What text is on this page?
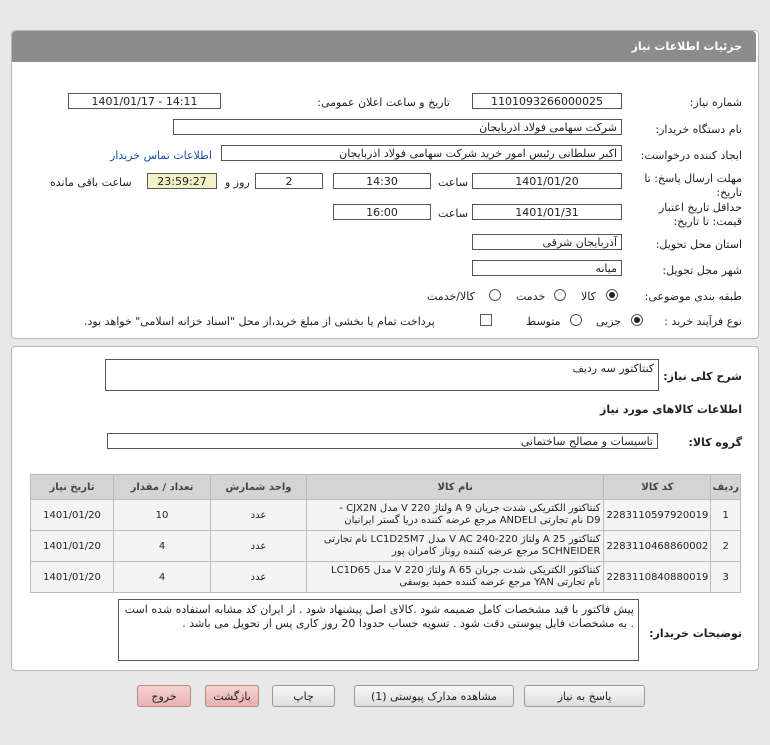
جزئیات اطلاعات نیاز
شماره نیاز:
1101093266000025
تاریخ و ساعت اعلان عمومی:
1401/01/17 - 14:11
نام دستگاه خریدار:
شرکت سهامی فولاد اذربایجان
ایجاد کننده درخواست:
اکبر سلطانی رئیس امور خرید شرکت سهامی فولاد اذربایجان
اطلاعات تماس خریدار
مهلت ارسال پاسخ: تا
تاریخ:
1401/01/20
ساعت
14:30
2
روز و
23:59:27
ساعت باقی مانده
حداقل تاریخ اعتبار
قیمت: تا تاریخ:
1401/01/31
ساعت
16:00
استان محل تحویل:
آذربایجان شرقی
شهر محل تحویل:
میانه
طبقه بندی موضوعی:
کالا
خدمت
کالا/خدمت
نوع فرآیند خرید :
جزیی
متوسط
پرداخت تمام یا بخشی از مبلغ خرید،از محل "اسناد خزانه اسلامی" خواهد بود.
شرح کلی نیاز:
کنتاکتور سه ردیف
اطلاعات کالاهای مورد نیاز
گروه کالا:
تاسیسات و مصالح ساختمانی
تاریخ نیاز	تعداد / مقدار	واحد شمارش	نام کالا	کد کالا	ردیف
1401/01/20	10	عدد	کنتاکتور الکتریکی شدت جریان 9 A ولتاژ 220 V مدل CJX2N -
D9 نام تجارتی ANDELI مرجع عرضه کننده دریا گستر ایرانیان	2283110597920019	1
1401/01/20	4	عدد	کنتاکتور 25 A ولتاژ 220-240 V AC مدل LC1D25M7 نام تجارتی
SCHNEIDER مرجع عرضه کننده روناز کامران پور	2283110468860002	2
1401/01/20	4	عدد	کنتاکتور الکتریکی شدت جریان 65 A ولتاژ 220 V مدل LC1D65
نام تجارتی YAN مرجع عرضه کننده حمید یوسفی	2283110840880019	3
توضیحات خریدار:
پیش فاکتور با قید مشخصات کامل ضمیمه شود .کالای اصل پیشنهاد شود . از ایران کد مشابه استفاده شده است . به مشخصات فایل پیوستی دقت شود . تسویه حساب حدودا 20 روز کاری پس از تحویل می باشد .
پاسخ به نیاز
مشاهده مدارک پیوستی (1)
چاپ
بازگشت
خروج
